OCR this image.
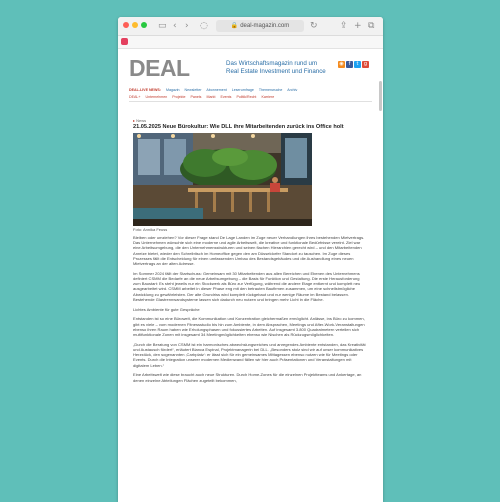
▭ ‹ › ◌	🔒 deal-magazin.com	↻ ⇪ + ⧉
DEAL	Das Wirtschaftsmagazin rund um
Real Estate Investment und Finance
◉ f	t	g
DEAL-LIVE NEWS: Magazin Newsletter Abonnement Leserumfrage Themenwuche Archiv
DEAL+ Unternehmen Projekte Panels Markt Events Politik/Recht Karriere
▸ News
21.05.2025 Neue Bürokultur: Wie DLL ihre Mitarbeitenden zurück ins Office holt
Foto: Annika Feuss

Bleiben oder umziehen? Vor dieser Frage stand De Lage Landen im Zuge neuer Verhandlungen ihres bestehenden Mietvertrags. Das Unternehmen wünschte sich eine moderne und agile Arbeitswelt, die kreative und funktionale Bedürfnisse vereint. Ziel war eine Arbeitsumgebung, die den Unternehmensstrukturen und seinen flachen Hierarchien gerecht wird – und den Mitarbeitenden Anreize bietet, wieder den Schreibtisch im Homeoffice gegen den am Düsseldorfer Standort zu tauschen. Im Zuge dieses Prozesses fällt die Entscheidung für einen umfassenden Umbau des Bestandsgebäudes und die Aushandlung eines neuen Mietvertrags an der alten Adresse.

Im Sommer 2024 fällt der Startschuss: Gemeinsam mit 30 Mitarbeitenden aus allen Bereichen und Ebenen des Unternehmens definiert CSMM die Bedarfe an die neue Arbeitsumgebung – die Basis für Funktion und Gestaltung. Die erste Herausforderung zum Baustart: Es steht jeweils nur ein Stockwerk als Büro zur Verfügung, während die andere Etage entkernt und komplett neu ausgearbeitet wird. CSMM arbeitet in dieser Phase eng mit den betrauten Baufirmen zusammen, um eine schnellstmögliche Abwicklung zu gewährleisten. Der alte Grundriss wird komplett rückgebaut und nur wenige Räume im Bestand belassen. Bestehende Glastrennwandsysteme lassen sich dadurch neu nutzen und bringen mehr Licht in die Fläche.

Lichtes Ambiente für gute Gespräche

Entstanden ist so eine Bürowelt, die Kommunikation und Konzentration gleichermaßen ermöglicht. Anlässe, ins Büro zu kommen, gibt es viele – vom modernen Fitnessstudio bis hin zum Ambiente, in dem Absprachen, Meetings und After-Work-Veranstaltungen ebenso ihren Raum haben wie Erholungsphasen und fokussiertes Arbeiten. Auf insgesamt 3.800 Quadratmetern verteilen sich multifunktionale Zonen mit insgesamt 34 Meetingmöglichkeiten ebenso wie Nischen als Rückzugsmöglichkeiten.

„Durch die Beratung von CSMM ist ein harmonisches abwechslungsreiches und anregendes Ambiente entstanden, das Kreativität und Austausch fördert“, erläutert Bianca Espinal, Projektmanagerin bei DLL. „Besonders stolz sind wir auf unser kommunikatives Herzstück, den sogenannten ‚Carbplatz‘: er lässt sich für ein gemeinsames Mittagessen ebenso nutzen wie für Meetings oder Events. Durch die Integration unserer modernen Medienwand fällen wir hier auch Präsentationen und Veranstaltungen mit digitalem Leben.“

Eine Arbeitswelt wie diese braucht auch neue Strukturen. Durch Home-Zones für die einzelnen Projektteams und Ankertage, an denen einzelne Abteilungen Flächen zugeteilt bekommen,
